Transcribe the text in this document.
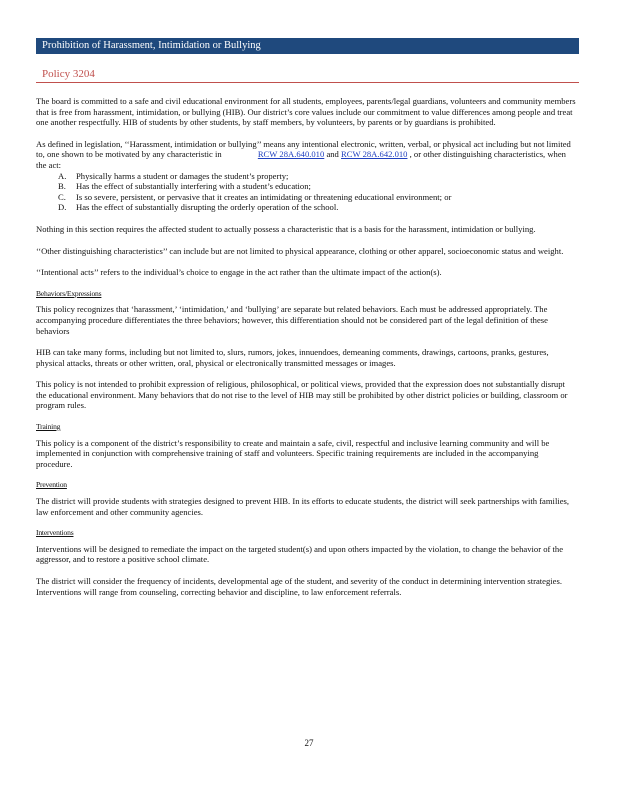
Prohibition of Harassment, Intimidation or Bullying
Policy 3204

The board is committed to a safe and civil educational environment for all students, employees, parents/legal guardians, volunteers and community members that is free from harassment, intimidation, or bullying (HIB). Our district’s core values include our commitment to value differences among people and treat one another respectfully. HIB of students by other students, by staff members, by volunteers, by parents or by guardians is prohibited.

As defined in legislation, ‘‘Harassment, intimidation or bullying’’ means any intentional electronic, written, verbal, or physical act including but not limited to, one shown to be motivated by any characteristic in	RCW 28A.640.010 and RCW 28A.642.010 , or other distinguishing characteristics, when the act:

A.	Physically harms a student or damages the student’s property;
B.	Has the effect of substantially interfering with a student’s education;
C.	Is so severe, persistent, or pervasive that it creates an intimidating or threatening educational environment; or
D.	Has the effect of substantially disrupting the orderly operation of the school.

Nothing in this section requires the affected student to actually possess a characteristic that is a basis for the harassment, intimidation or bullying.

‘‘Other distinguishing characteristics’’ can include but are not limited to physical appearance, clothing or other apparel, socioeconomic status and weight.

‘‘Intentional acts’’ refers to the individual’s choice to engage in the act rather than the ultimate impact of the action(s).

Behaviors/Expressions

This policy recognizes that ‘harassment,’ ‘intimidation,’ and ‘bullying’ are separate but related behaviors. Each must be addressed appropriately. The accompanying procedure differentiates the three behaviors; however, this differentiation should not be considered part of the legal definition of these behaviors

HIB can take many forms, including but not limited to, slurs, rumors, jokes, innuendoes, demeaning comments, drawings, cartoons, pranks, gestures, physical attacks, threats or other written, oral, physical or electronically transmitted messages or images.

This policy is not intended to prohibit expression of religious, philosophical, or political views, provided that the expression does not substantially disrupt the educational environment. Many behaviors that do not rise to the level of HIB may still be prohibited by other district policies or building, classroom or program rules.

Training

This policy is a component of the district’s responsibility to create and maintain a safe, civil, respectful and inclusive learning community and will be implemented in conjunction with comprehensive training of staff and volunteers. Specific training requirements are included in the accompanying procedure.

Prevention

The district will provide students with strategies designed to prevent HIB. In its efforts to educate students, the district will seek partnerships with families, law enforcement and other community agencies.

Interventions

Interventions will be designed to remediate the impact on the targeted student(s) and upon others impacted by the violation, to change the behavior of the aggressor, and to restore a positive school climate.

The district will consider the frequency of incidents, developmental age of the student, and severity of the conduct in determining intervention strategies. Interventions will range from counseling, correcting behavior and discipline, to law enforcement referrals.

27
